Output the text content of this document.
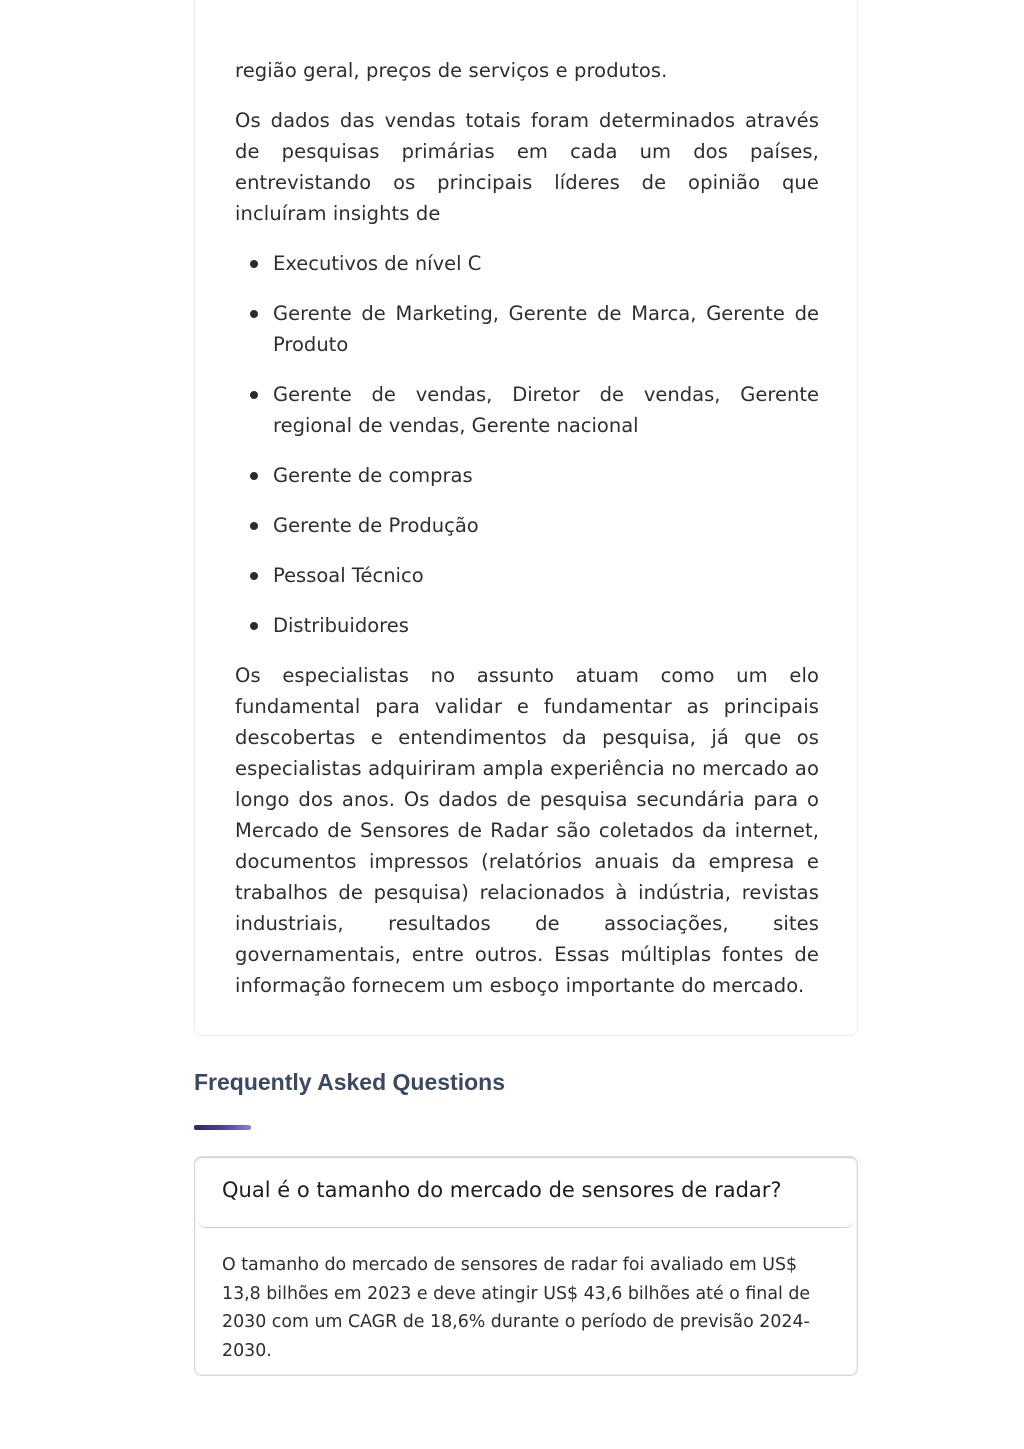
região geral, preços de serviços e produtos.

Os dados das vendas totais foram determinados através de pesquisas primárias em cada um dos países, entrevistando os principais líderes de opinião que incluíram insights de

Executivos de nível C
Gerente de Marketing, Gerente de Marca, Gerente de Produto
Gerente de vendas, Diretor de vendas, Gerente regional de vendas, Gerente nacional
Gerente de compras
Gerente de Produção
Pessoal Técnico
Distribuidores

Os especialistas no assunto atuam como um elo fundamental para validar e fundamentar as principais descobertas e entendimentos da pesquisa, já que os especialistas adquiriram ampla experiência no mercado ao longo dos anos. Os dados de pesquisa secundária para o Mercado de Sensores de Radar são coletados da internet, documentos impressos (relatórios anuais da empresa e trabalhos de pesquisa) relacionados à indústria, revistas industriais, resultados de associações, sites governamentais, entre outros. Essas múltiplas fontes de informação fornecem um esboço importante do mercado.

Frequently Asked Questions
Qual é o tamanho do mercado de sensores de radar?

O tamanho do mercado de sensores de radar foi avaliado em US$ 13,8 bilhões em 2023 e deve atingir US$ 43,6 bilhões até o final de 2030 com um CAGR de 18,6% durante o período de previsão 2024-2030.
